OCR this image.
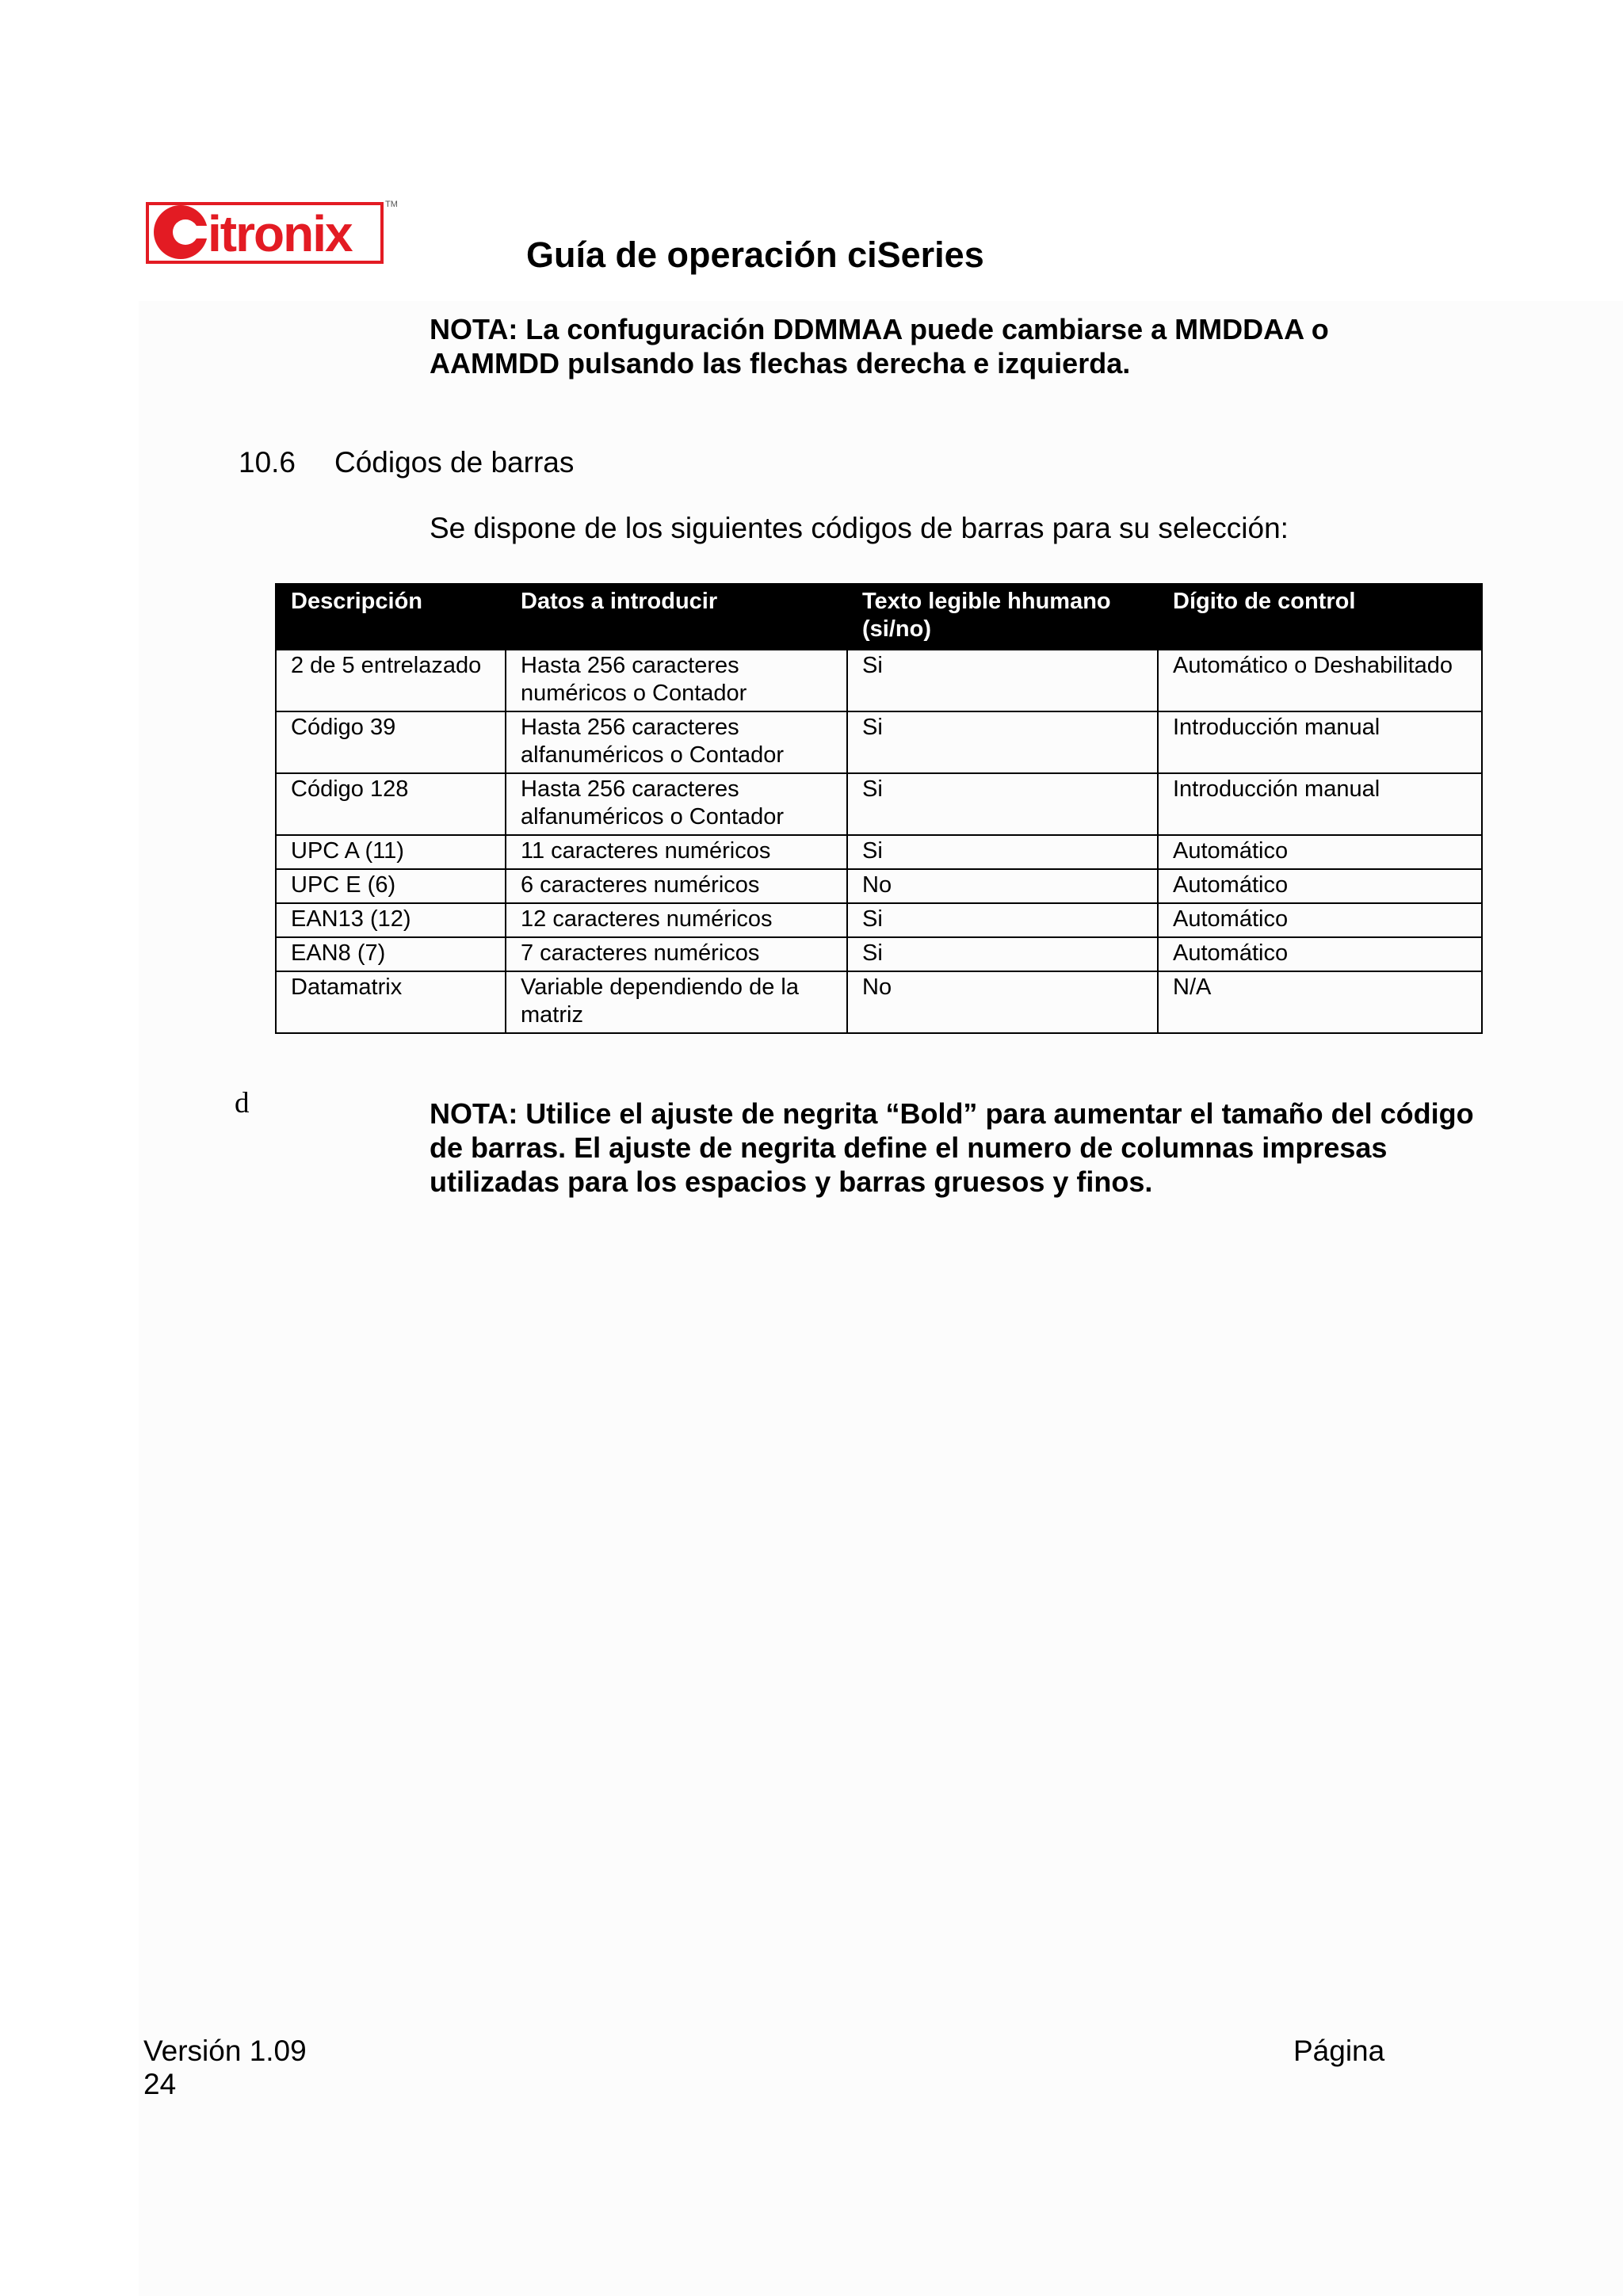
itronix
TM
Guía de operación ciSeries
NOTA: La confuguración DDMMAA puede cambiarse a MMDDAA o AAMMDD pulsando las flechas derecha e izquierda.
10.6 Códigos de barras
Se dispone de los siguientes códigos de barras para su selección:
Descripción	Datos a introducir	Texto legible hhumano (si/no)	Dígito de control
2 de 5 entrelazado	Hasta 256 caracteres numéricos o Contador	Si	Automático o Deshabilitado
Código 39	Hasta 256 caracteres alfanuméricos o Contador	Si	Introducción manual
Código 128	Hasta 256 caracteres alfanuméricos o Contador	Si	Introducción manual
UPC A (11)	11 caracteres numéricos	Si	Automático
UPC E (6)	6 caracteres numéricos	No	Automático
EAN13 (12)	12 caracteres numéricos	Si	Automático
EAN8 (7)	7 caracteres numéricos	Si	Automático
Datamatrix	Variable dependiendo de la matriz	No	N/A
d	NOTA: Utilice el ajuste de negrita “Bold” para aumentar el tamaño del código de barras. El ajuste de negrita define el numero de columnas impresas utilizadas para los espacios y barras gruesos y finos.
Versión 1.09
24
Página
